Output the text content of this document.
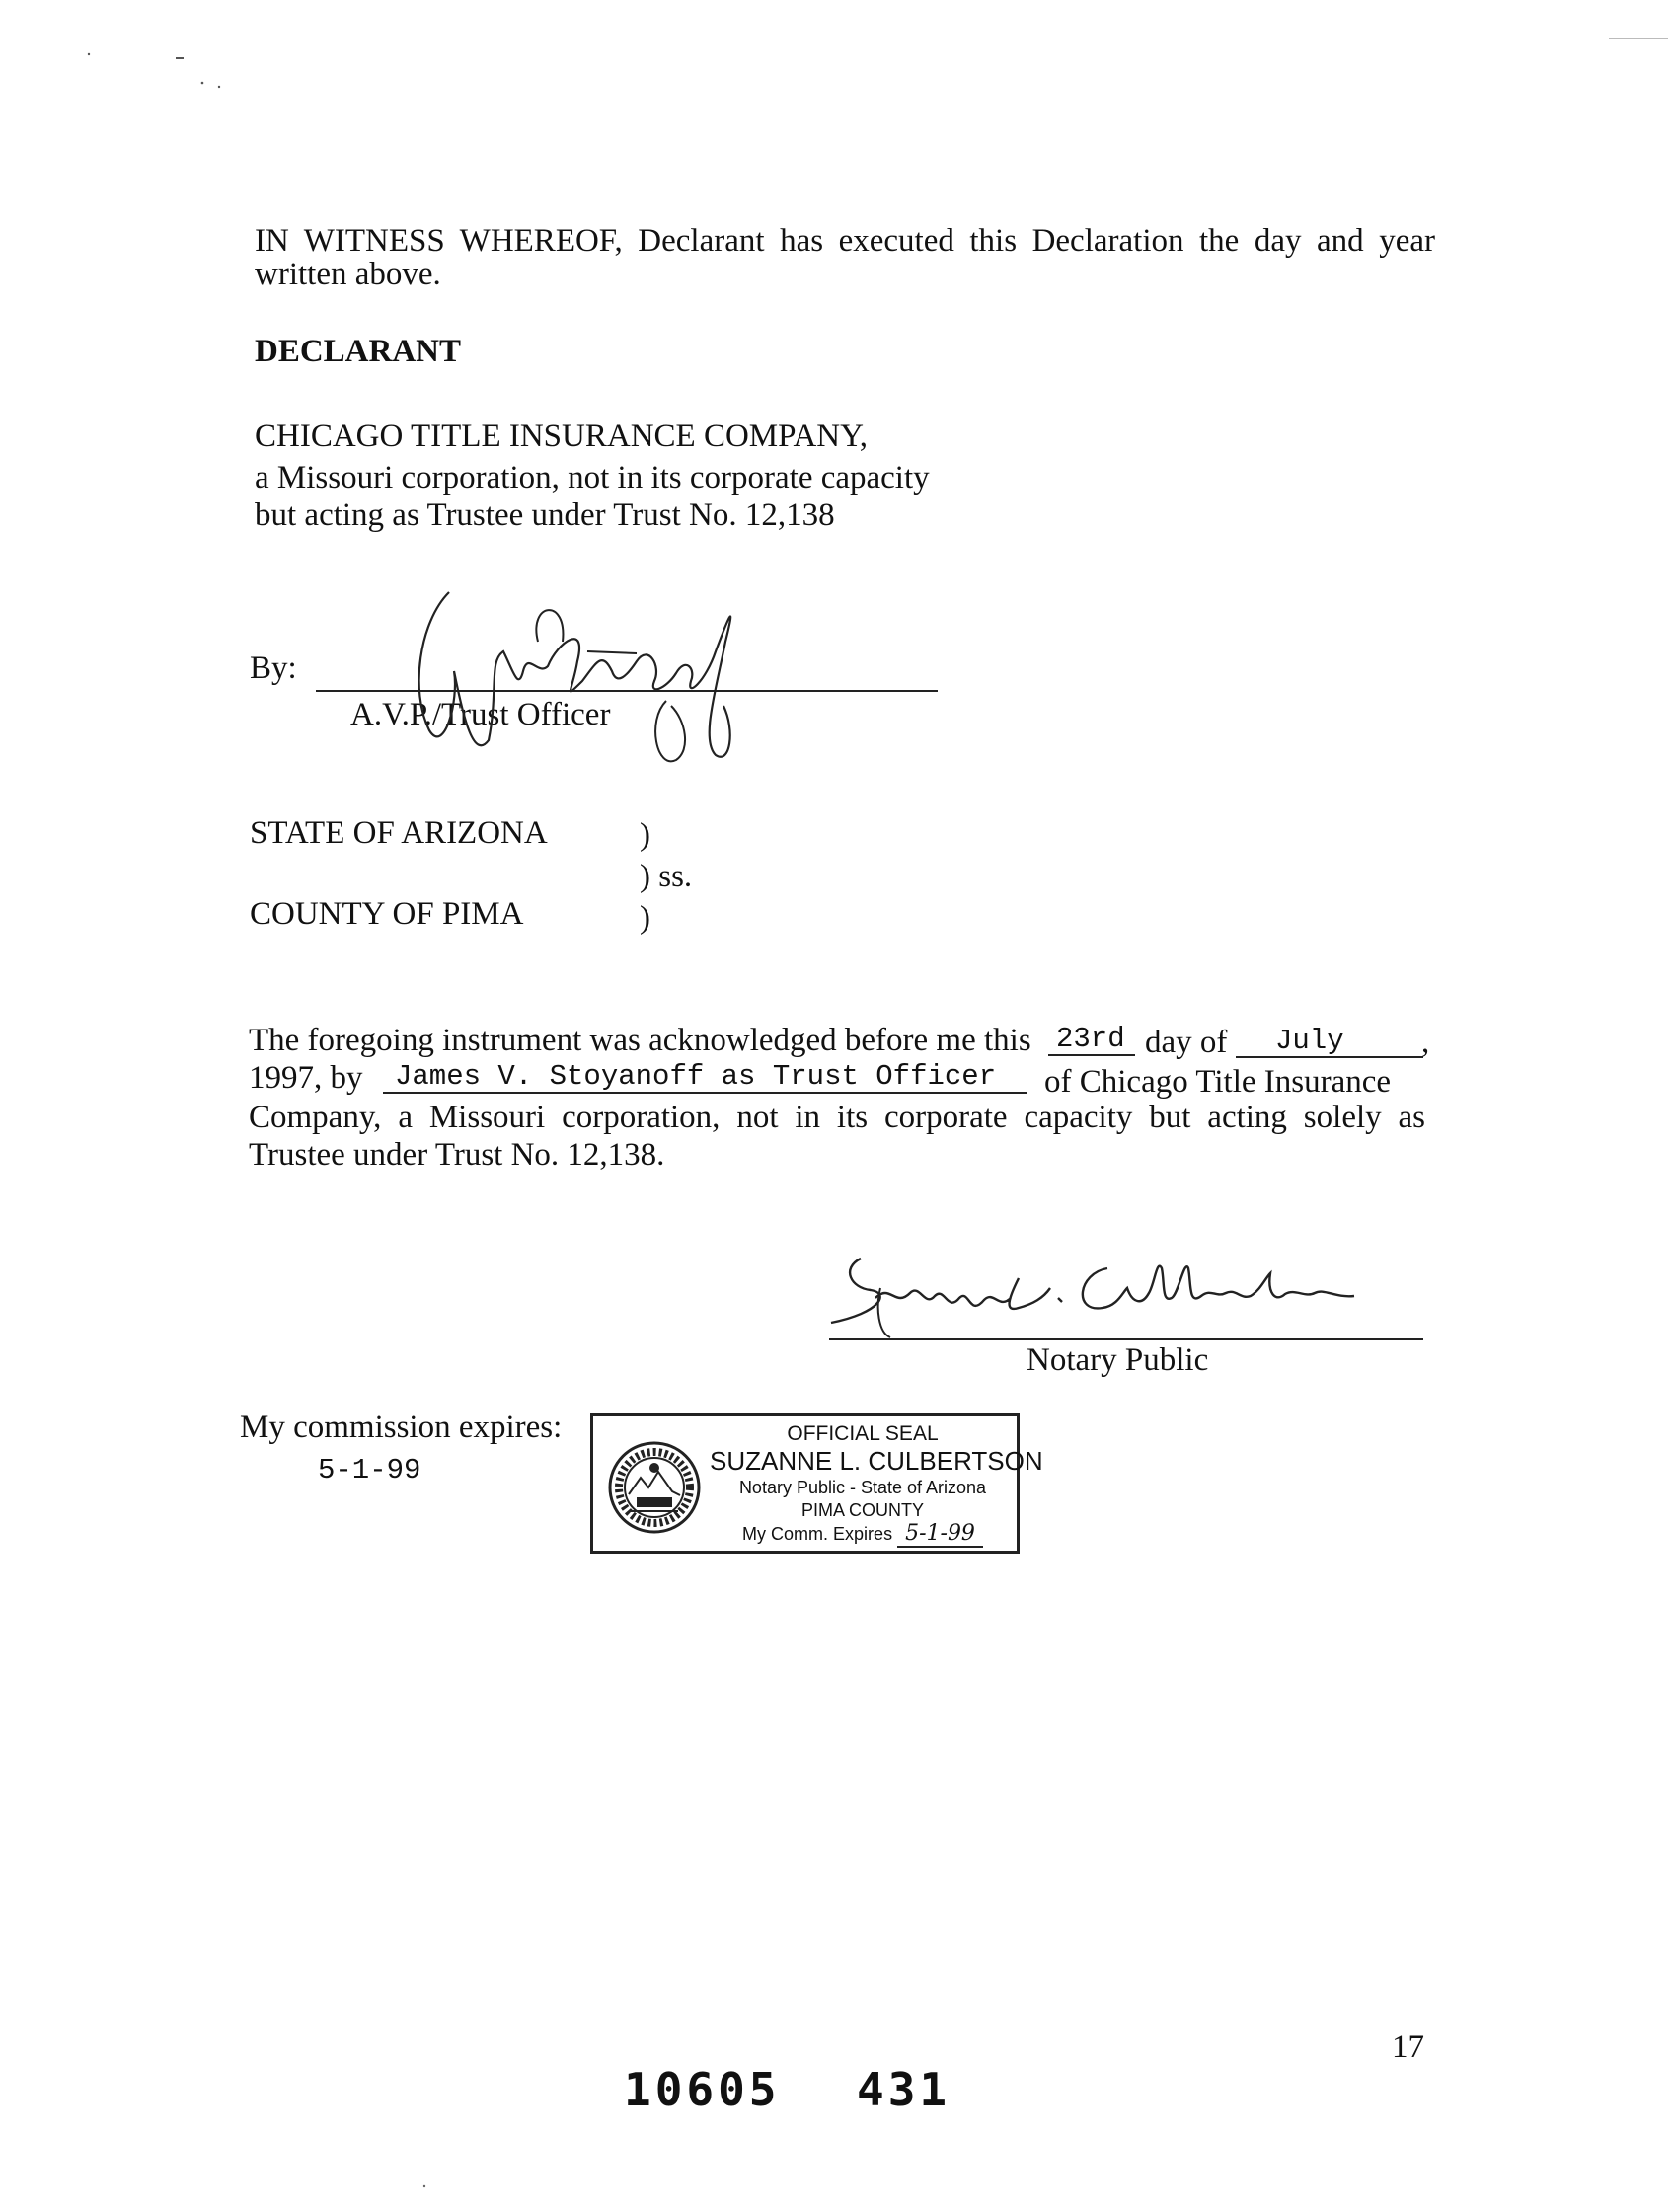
IN WITNESS WHEREOF, Declarant has executed this Declaration the day and year
written above.
DECLARANT
CHICAGO TITLE INSURANCE COMPANY,
a Missouri corporation, not in its corporate capacity
but acting as Trustee under Trust No. 12,138
By:
A.V.P./Trust Officer
STATE OF ARIZONA	)
) ss.
COUNTY OF PIMA	)
The foregoing instrument was acknowledged before me this 23rd day of	July	,
1997, by	James V. Stoyanoff as Trust Officer	of Chicago Title Insurance
Company, a Missouri corporation, not in its corporate capacity but acting solely as
Trustee under Trust No. 12,138.
Notary Public
My commission expires:
5-1-99
OFFICIAL SEAL
SUZANNE L. CULBERTSON
Notary Public - State of Arizona
PIMA COUNTY
My Comm. Expires 5-1-99
17
10605 431
